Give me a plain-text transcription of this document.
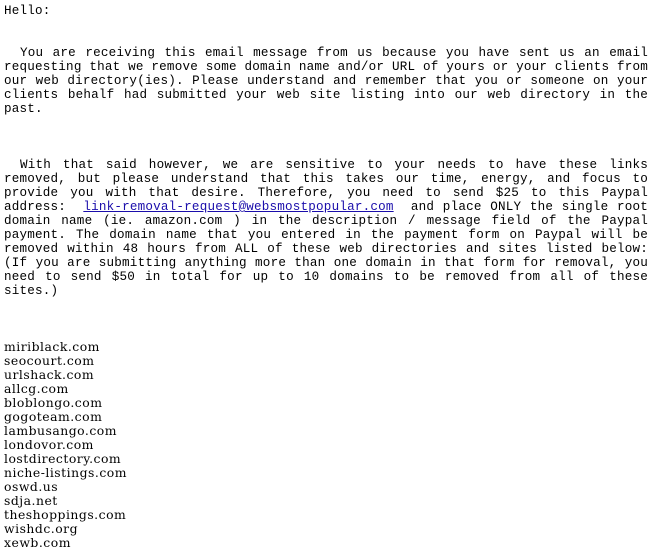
Hello:
You are receiving this email message from us because you have sent us an email requesting that we remove some domain name and/or URL of yours or your clients from our web directory(ies). Please understand and remember that you or someone on your clients behalf had submitted your web site listing into our web directory in the past.
With that said however, we are sensitive to your needs to have these links removed, but please understand that this takes our time, energy, and focus to provide you with that desire. Therefore, you need to send $25 to this Paypal address: link-removal-request@websmostpopular.com and place ONLY the single root domain name (ie. amazon.com ) in the description / message field of the Paypal payment. The domain name that you entered in the payment form on Paypal will be removed within 48 hours from ALL of these web directories and sites listed below: (If you are submitting anything more than one domain in that form for removal, you need to send $50 in total for up to 10 domains to be removed from all of these sites.)
miriblack.com
seocourt.com
urlshack.com
allcg.com
bloblongo.com
gogoteam.com
lambusango.com
londovor.com
lostdirectory.com
niche-listings.com
oswd.us
sdja.net
theshoppings.com
wishdc.org
xewb.com
